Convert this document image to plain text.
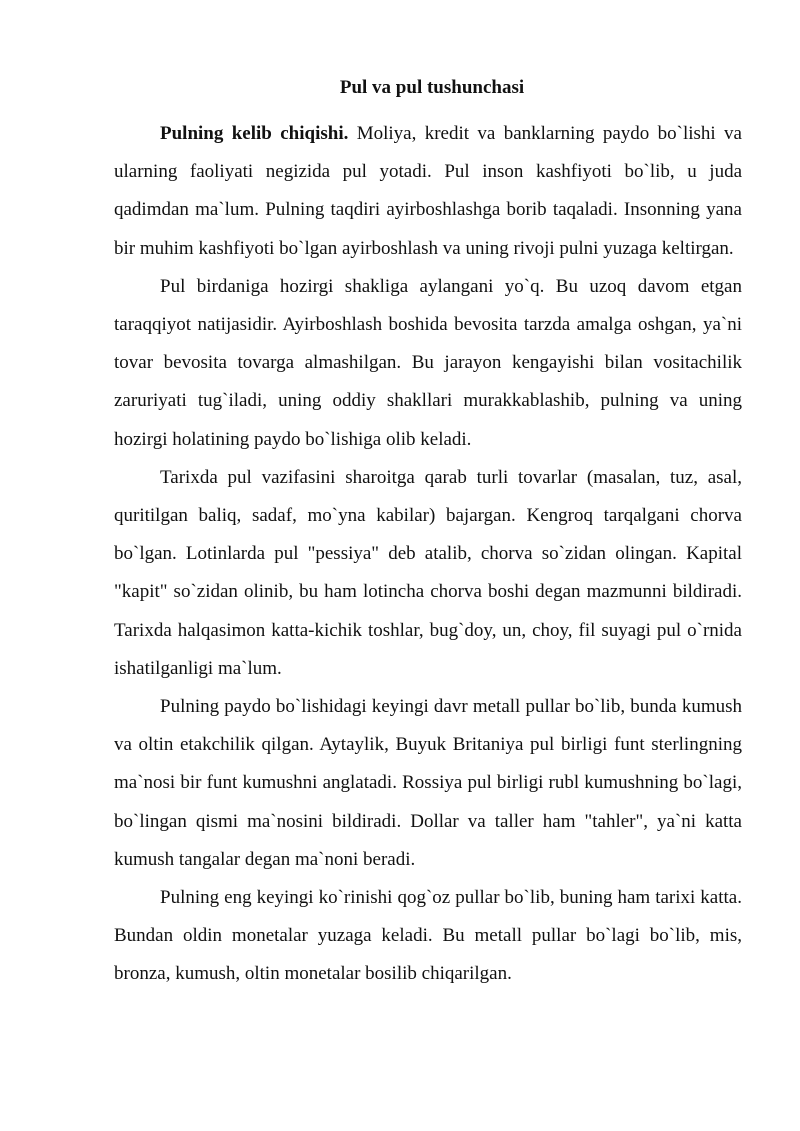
Pul va pul tushunchasi

Pulning kelib chiqishi. Moliya, kredit va banklarning paydo bo`lishi va ularning faoliyati negizida pul yotadi. Pul inson kashfiyoti bo`lib, u juda qadimdan ma`lum. Pulning taqdiri ayirboshlashga borib taqaladi. Insonning yana bir muhim kashfiyoti bo`lgan ayirboshlash va uning rivoji pulni yuzaga keltirgan.

Pul birdaniga hozirgi shakliga aylangani yo`q. Bu uzoq davom etgan taraqqiyot natijasidir. Ayirboshlash boshida bevosita tarzda amalga oshgan, ya`ni tovar bevosita tovarga almashilgan. Bu jarayon kengayishi bilan vositachilik zaruriyati tug`iladi, uning oddiy shakllari murakkablashib, pulning va uning hozirgi holatining paydo bo`lishiga olib keladi.

Tarixda pul vazifasini sharoitga qarab turli tovarlar (masalan, tuz, asal, quritilgan baliq, sadaf, mo`yna kabilar) bajargan. Kengroq tarqalgani chorva bo`lgan. Lotinlarda pul "pessiya" deb atalib, chorva so`zidan olingan. Kapital "kapit" so`zidan olinib, bu ham lotincha chorva boshi degan mazmunni bildiradi. Tarixda halqasimon katta-kichik toshlar, bug`doy, un, choy, fil suyagi pul o`rnida ishatilganligi ma`lum.

Pulning paydo bo`lishidagi keyingi davr metall pullar bo`lib, bunda kumush va oltin etakchilik qilgan. Aytaylik, Buyuk Britaniya pul birligi funt sterlingning ma`nosi bir funt kumushni anglatadi. Rossiya pul birligi rubl kumushning bo`lagi, bo`lingan qismi ma`nosini bildiradi. Dollar va taller ham "tahler", ya`ni katta kumush tangalar degan ma`noni beradi.

Pulning eng keyingi ko`rinishi qog`oz pullar bo`lib, buning ham tarixi katta. Bundan oldin monetalar yuzaga keladi. Bu metall pullar bo`lagi bo`lib, mis, bronza, kumush, oltin monetalar bosilib chiqarilgan.
